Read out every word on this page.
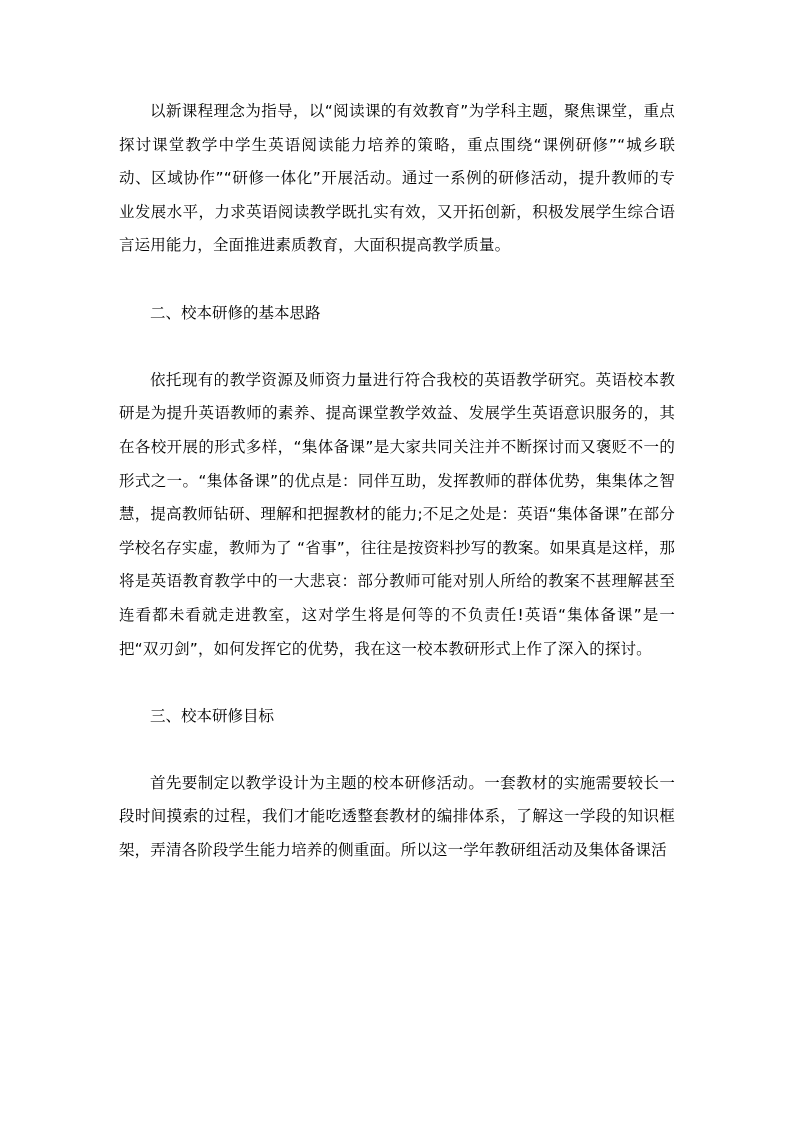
以新课程理念为指导，以“阅读课的有效教育”为学科主题，聚焦课堂，重点探讨课堂教学中学生英语阅读能力培养的策略，重点围绕“课例研修”“城乡联动、区域协作”“研修一体化”开展活动。通过一系例的研修活动，提升教师的专业发展水平，力求英语阅读教学既扎实有效，又开拓创新，积极发展学生综合语言运用能力，全面推进素质教育，大面积提高教学质量。

二、校本研修的基本思路

依托现有的教学资源及师资力量进行符合我校的英语教学研究。英语校本教研是为提升英语教师的素养、提高课堂教学效益、发展学生英语意识服务的，其在各校开展的形式多样，“集体备课”是大家共同关注并不断探讨而又褒贬不一的形式之一。“集体备课”的优点是：同伴互助，发挥教师的群体优势，集集体之智慧，提高教师钻研、理解和把握教材的能力;不足之处是：英语“集体备课”在部分学校名存实虚，教师为了 “省事”，往往是按资料抄写的教案。如果真是这样，那将是英语教育教学中的一大悲哀：部分教师可能对别人所给的教案不甚理解甚至连看都未看就走进教室，这对学生将是何等的不负责任!英语“集体备课”是一把“双刃剑”，如何发挥它的优势，我在这一校本教研形式上作了深入的探讨。

三、校本研修目标

首先要制定以教学设计为主题的校本研修活动。一套教材的实施需要较长一段时间摸索的过程，我们才能吃透整套教材的编排体系，了解这一学段的知识框架，弄清各阶段学生能力培养的侧重面。所以这一学年教研组活动及集体备课活
